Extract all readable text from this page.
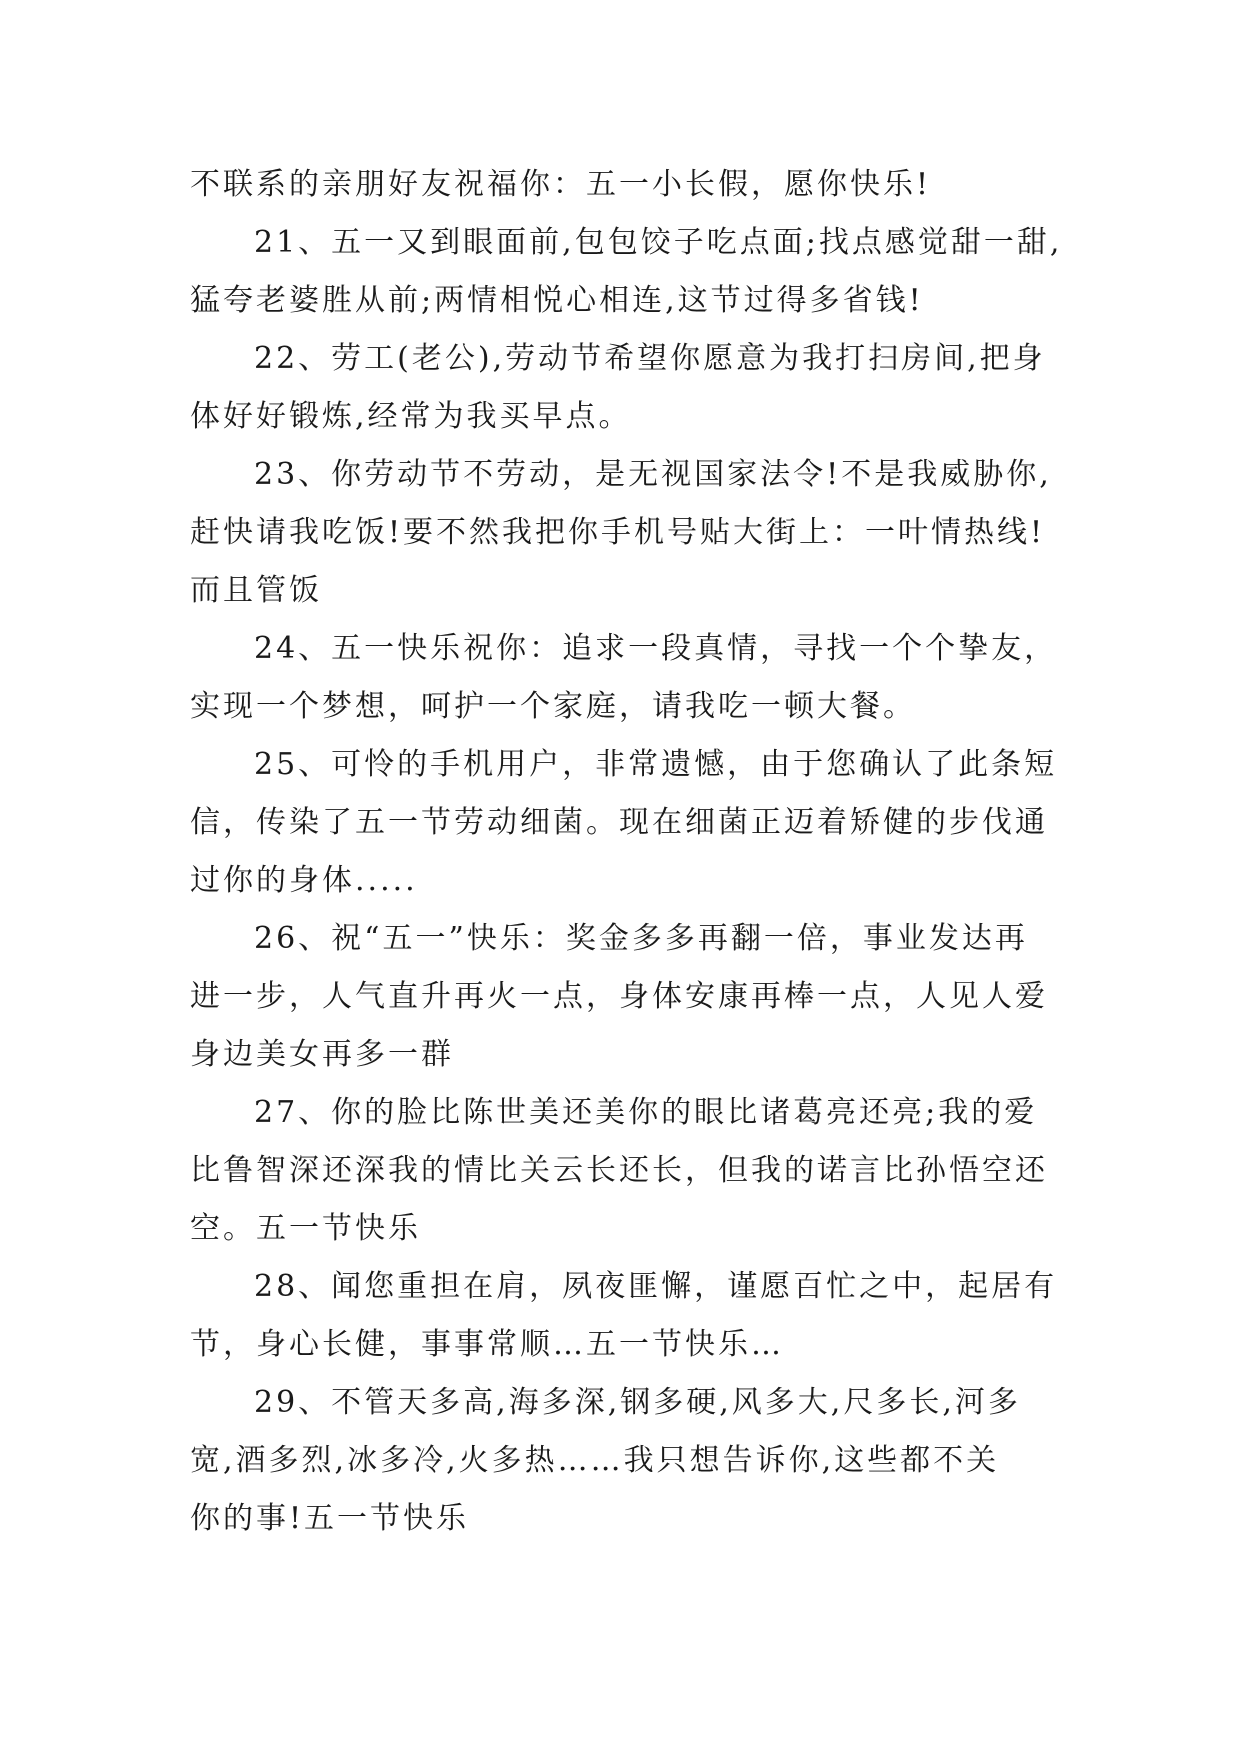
不联系的亲朋好友祝福你：五一小长假，愿你快乐!
21、五一又到眼面前,包包饺子吃点面;找点感觉甜一甜,
猛夸老婆胜从前;两情相悦心相连,这节过得多省钱!
22、劳工(老公),劳动节希望你愿意为我打扫房间,把身
体好好锻炼,经常为我买早点。
23、你劳动节不劳动，是无视国家法令!不是我威胁你,
赶快请我吃饭!要不然我把你手机号贴大街上：一叶情热线!
而且管饭
24、五一快乐祝你：追求一段真情，寻找一个个挚友，
实现一个梦想，呵护一个家庭，请我吃一顿大餐。
25、可怜的手机用户，非常遗憾，由于您确认了此条短
信，传染了五一节劳动细菌。现在细菌正迈着矫健的步伐通
过你的身体.....
26、祝“五一”快乐：奖金多多再翻一倍，事业发达再
进一步，人气直升再火一点，身体安康再棒一点，人见人爱
身边美女再多一群
27、你的脸比陈世美还美你的眼比诸葛亮还亮;我的爱
比鲁智深还深我的情比关云长还长，但我的诺言比孙悟空还
空。五一节快乐
28、闻您重担在肩，夙夜匪懈，谨愿百忙之中，起居有
节，身心长健，事事常顺…五一节快乐…
29、不管天多高,海多深,钢多硬,风多大,尺多长,河多
宽,酒多烈,冰多冷,火多热……我只想告诉你,这些都不关
你的事!五一节快乐
